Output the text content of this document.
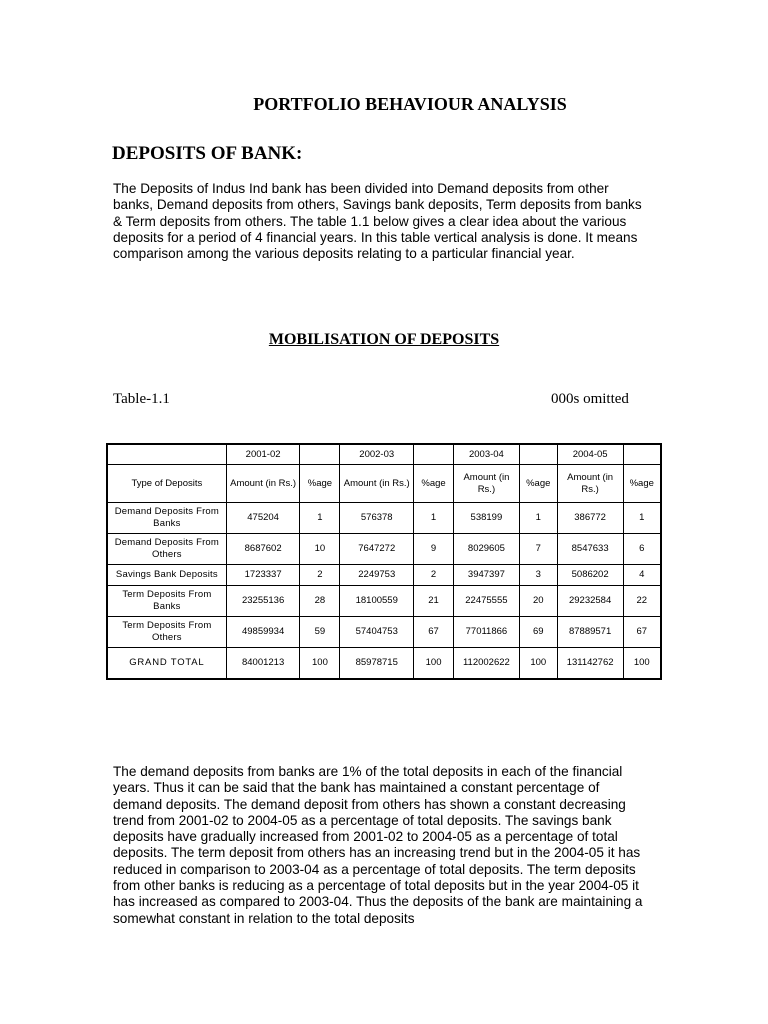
PORTFOLIO BEHAVIOUR ANALYSIS
DEPOSITS OF BANK:

The Deposits of Indus Ind bank has been divided into Demand deposits from other banks, Demand deposits from others, Savings bank deposits, Term deposits from banks & Term deposits from others. The table 1.1 below gives a clear idea about the various deposits for a period of 4 financial years. In this table vertical analysis is done. It means comparison among the various deposits relating to a particular financial year.

MOBILISATION OF DEPOSITS
Table-1.1	000s omitted
	2001-02		2002-03		2003-04		2004-05	
Type of Deposits	Amount (in Rs.)	%age	Amount (in Rs.)	%age	Amount (in Rs.)	%age	Amount (in Rs.)	%age
Demand Deposits From Banks	475204	1	576378	1	538199	1	386772	1
Demand Deposits From Others	8687602	10	7647272	9	8029605	7	8547633	6
Savings Bank Deposits	1723337	2	2249753	2	3947397	3	5086202	4
Term Deposits From Banks	23255136	28	18100559	21	22475555	20	29232584	22
Term Deposits From Others	49859934	59	57404753	67	77011866	69	87889571	67
GRAND TOTAL	84001213	100	85978715	100	112002622	100	131142762	100

The demand deposits from banks are 1% of the total deposits in each of the financial years. Thus it can be said that the bank has maintained a constant percentage of demand deposits. The demand deposit from others has shown a constant decreasing trend from 2001-02 to 2004-05 as a percentage of total deposits. The savings bank deposits have gradually increased from 2001-02 to 2004-05 as a percentage of total deposits. The term deposit from others has an increasing trend but in the 2004-05 it has reduced in comparison to 2003-04 as a percentage of total deposits. The term deposits from other banks is reducing as a percentage of total deposits but in the year 2004-05 it has increased as compared to 2003-04. Thus the deposits of the bank are maintaining a somewhat constant in relation to the total deposits
